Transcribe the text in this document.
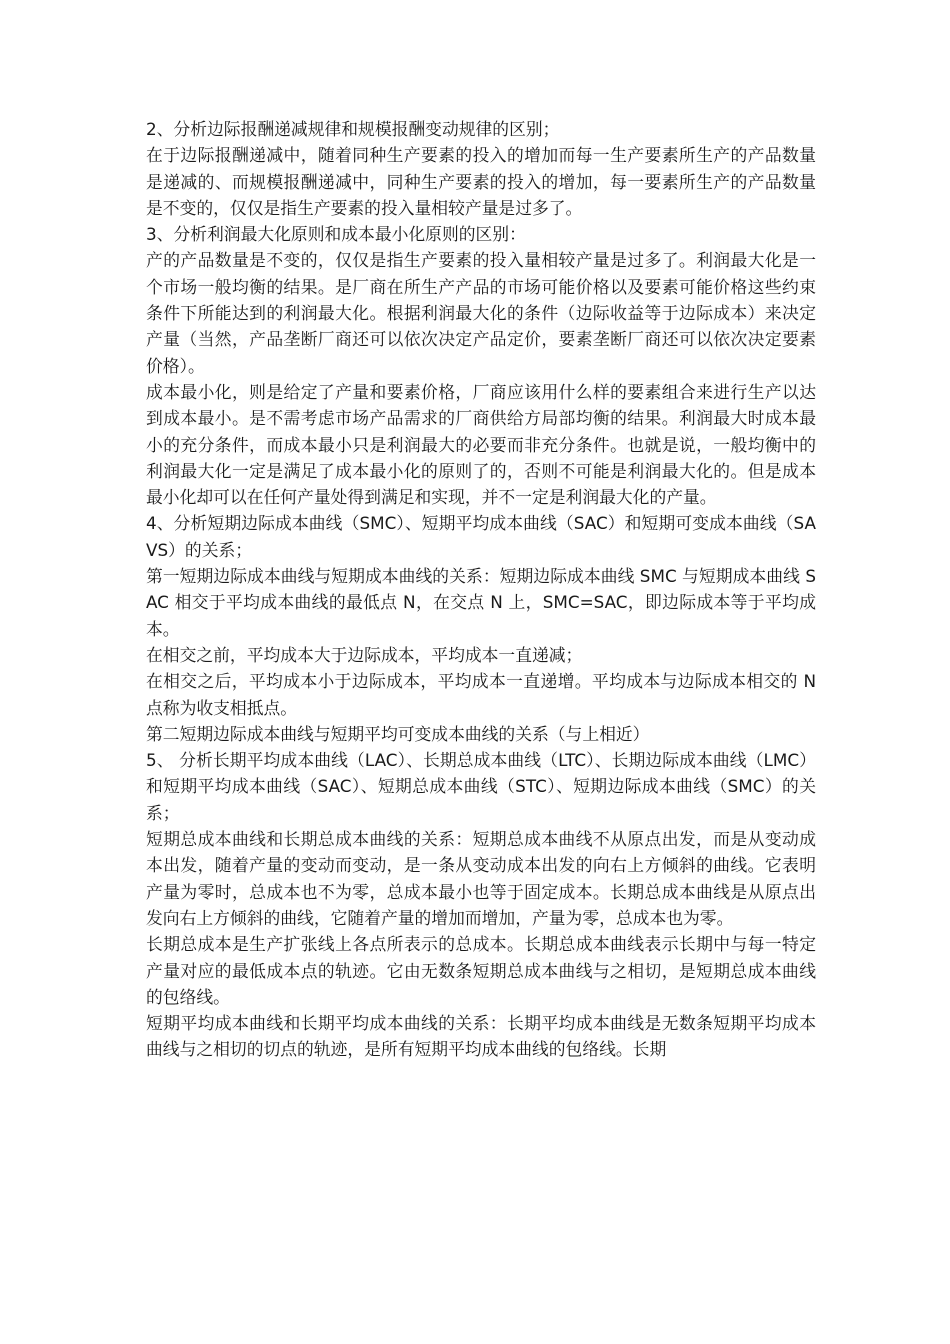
2、分析边际报酬递减规律和规模报酬变动规律的区别；

在于边际报酬递减中，随着同种生产要素的投入的增加而每一生产要素所生产的产品数量是递减的、而规模报酬递减中，同种生产要素的投入的增加，每一要素所生产的产品数量是不变的，仅仅是指生产要素的投入量相较产量是过多了。

3、分析利润最大化原则和成本最小化原则的区别：

产的产品数量是不变的，仅仅是指生产要素的投入量相较产量是过多了。利润最大化是一个市场一般均衡的结果。是厂商在所生产产品的市场可能价格以及要素可能价格这些约束条件下所能达到的利润最大化。根据利润最大化的条件（边际收益等于边际成本）来决定产量（当然，产品垄断厂商还可以依次决定产品定价，要素垄断厂商还可以依次决定要素价格）。

成本最小化，则是给定了产量和要素价格，厂商应该用什么样的要素组合来进行生产以达到成本最小。是不需考虑市场产品需求的厂商供给方局部均衡的结果。利润最大时成本最小的充分条件，而成本最小只是利润最大的必要而非充分条件。也就是说，一般均衡中的利润最大化一定是满足了成本最小化的原则了的，否则不可能是利润最大化的。但是成本最小化却可以在任何产量处得到满足和实现，并不一定是利润最大化的产量。

4、分析短期边际成本曲线（SMC）、短期平均成本曲线（SAC）和短期可变成本曲线（SAVS）的关系；

第一短期边际成本曲线与短期成本曲线的关系：短期边际成本曲线 SMC 与短期成本曲线 SAC 相交于平均成本曲线的最低点 N，在交点 N 上，SMC=SAC，即边际成本等于平均成本。

在相交之前，平均成本大于边际成本，平均成本一直递减；

在相交之后，平均成本小于边际成本，平均成本一直递增。平均成本与边际成本相交的 N 点称为收支相抵点。

第二短期边际成本曲线与短期平均可变成本曲线的关系（与上相近）

5、 分析长期平均成本曲线（LAC）、长期总成本曲线（LTC）、长期边际成本曲线（LMC）和短期平均成本曲线（SAC）、短期总成本曲线（STC）、短期边际成本曲线（SMC）的关系；

短期总成本曲线和长期总成本曲线的关系：短期总成本曲线不从原点出发，而是从变动成本出发，随着产量的变动而变动，是一条从变动成本出发的向右上方倾斜的曲线。它表明产量为零时，总成本也不为零，总成本最小也等于固定成本。长期总成本曲线是从原点出发向右上方倾斜的曲线，它随着产量的增加而增加，产量为零，总成本也为零。

长期总成本是生产扩张线上各点所表示的总成本。长期总成本曲线表示长期中与每一特定产量对应的最低成本点的轨迹。它由无数条短期总成本曲线与之相切，是短期总成本曲线的包络线。

短期平均成本曲线和长期平均成本曲线的关系：长期平均成本曲线是无数条短期平均成本曲线与之相切的切点的轨迹，是所有短期平均成本曲线的包络线。长期
